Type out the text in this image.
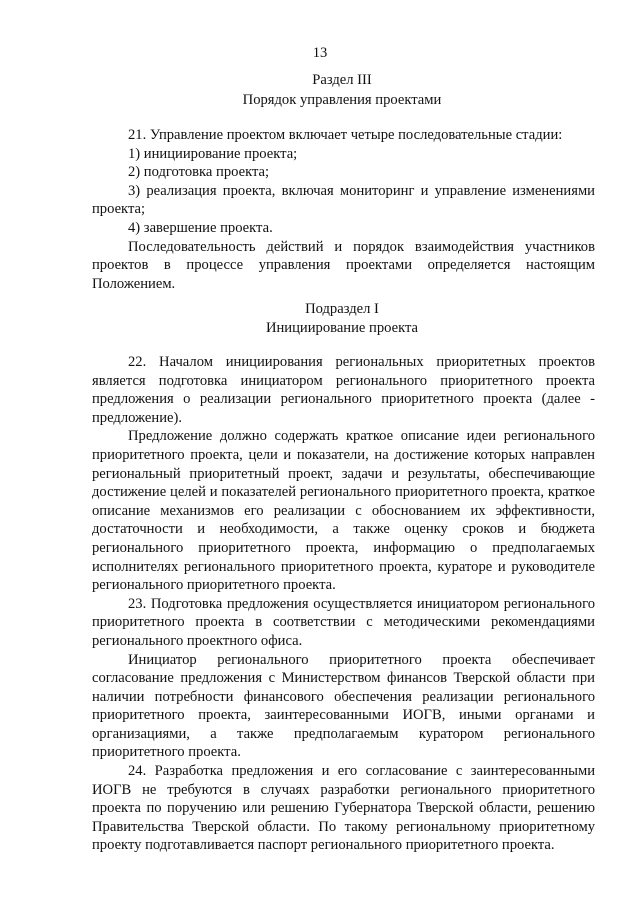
13
Раздел III
Порядок управления проектами

21. Управление проектом включает четыре последовательные стадии:

1) инициирование проекта;

2) подготовка проекта;

3) реализация проекта, включая мониторинг и управление изменениями проекта;

4) завершение проекта.

Последовательность действий и порядок взаимодействия участников проектов в процессе управления проектами определяется настоящим Положением.

Подраздел I
Инициирование проекта

22. Началом инициирования региональных приоритетных проектов является подготовка инициатором регионального приоритетного проекта предложения о реализации регионального приоритетного проекта (далее - предложение).

Предложение должно содержать краткое описание идеи регионального приоритетного проекта, цели и показатели, на достижение которых направлен региональный приоритетный проект, задачи и результаты, обеспечивающие достижение целей и показателей регионального приоритетного проекта, краткое описание механизмов его реализации с обоснованием их эффективности, достаточности и необходимости, а также оценку сроков и бюджета регионального приоритетного проекта, информацию о предполагаемых исполнителях регионального приоритетного проекта, кураторе и руководителе регионального приоритетного проекта.

23. Подготовка предложения осуществляется инициатором регионального приоритетного проекта в соответствии с методическими рекомендациями регионального проектного офиса.

Инициатор регионального приоритетного проекта обеспечивает согласование предложения с Министерством финансов Тверской области при наличии потребности финансового обеспечения реализации регионального приоритетного проекта, заинтересованными ИОГВ, иными органами и организациями, а также предполагаемым куратором регионального приоритетного проекта.

24. Разработка предложения и его согласование с заинтересованными ИОГВ не требуются в случаях разработки регионального приоритетного проекта по поручению или решению Губернатора Тверской области, решению Правительства Тверской области. По такому региональному приоритетному проекту подготавливается паспорт регионального приоритетного проекта.
